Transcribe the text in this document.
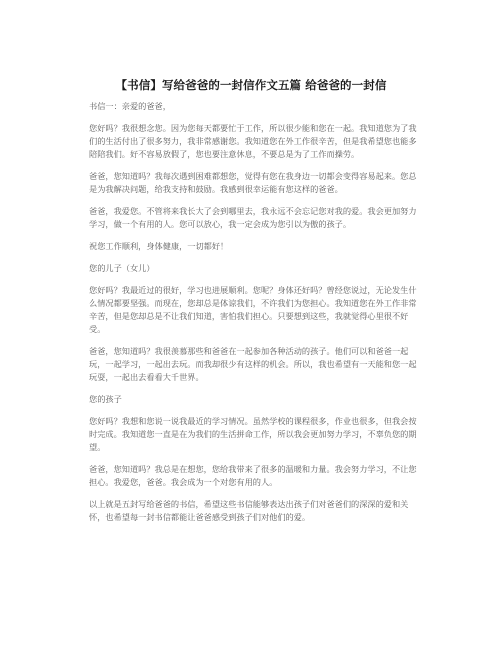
【书信】写给爸爸的一封信作文五篇 给爸爸的一封信

书信一：亲爱的爸爸，

您好吗？我很想念您。因为您每天都要忙于工作，所以很少能和您在一起。我知道您为了我们的生活付出了很多努力，我非常感谢您。我知道您在外工作很辛苦，但是我希望您也能多陪陪我们。好不容易放假了，您也要注意休息，不要总是为了工作而操劳。

爸爸，您知道吗？我每次遇到困难都想您，觉得有您在我身边一切都会变得容易起来。您总是为我解决问题，给我支持和鼓励。我感到很幸运能有您这样的爸爸。

爸爸，我爱您。不管将来我长大了会到哪里去，我永远不会忘记您对我的爱。我会更加努力学习，做一个有用的人。您可以放心，我一定会成为您引以为傲的孩子。

祝您工作顺利，身体健康，一切都好！

您的儿子（女儿）

您好吗？我最近过的很好，学习也进展顺利。您呢？身体还好吗？曾经您说过，无论发生什么情况都要坚强。而现在，您却总是体谅我们，不许我们为您担心。我知道您在外工作非常辛苦，但是您却总是不让我们知道，害怕我们担心。只要想到这些，我就觉得心里很不好受。

爸爸，您知道吗？我很羡慕那些和爸爸在一起参加各种活动的孩子。他们可以和爸爸一起玩，一起学习，一起出去玩。而我却很少有这样的机会。所以，我也希望有一天能和您一起玩耍，一起出去看看大千世界。

您的孩子

您好吗？我想和您说一说我最近的学习情况。虽然学校的课程很多，作业也很多，但我会按时完成。我知道您一直是在为我们的生活拼命工作，所以我会更加努力学习，不辜负您的期望。

爸爸，您知道吗？我总是在想您，您给我带来了很多的温暖和力量。我会努力学习，不让您担心。我爱您，爸爸。我会成为一个对您有用的人。

以上就是五封写给爸爸的书信，希望这些书信能够表达出孩子们对爸爸们的深深的爱和关怀，也希望每一封书信都能让爸爸感受到孩子们对他们的爱。
